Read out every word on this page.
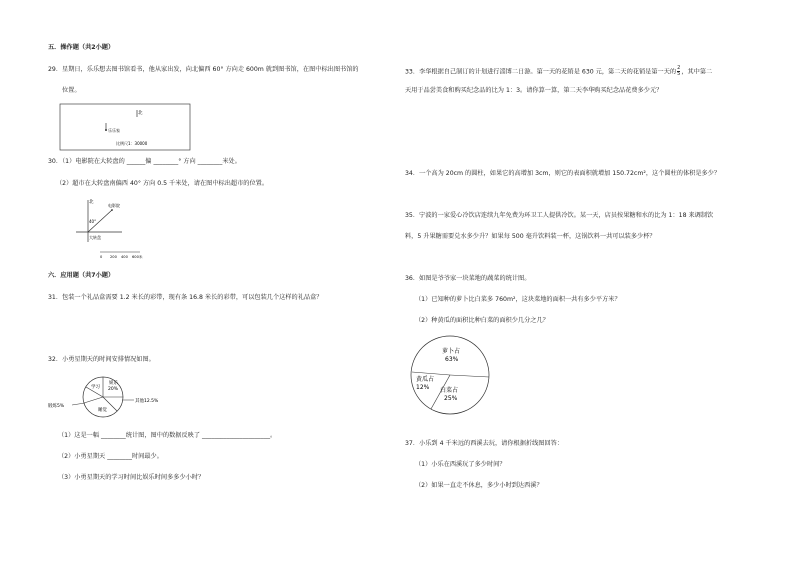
五．操作题（共2小题）
29．星期日，乐乐想去图书馆看书，他从家出发，向北偏西 60° 方向走 600m 就到图书馆，在图中标出图书馆的
位置。
北
乐乐家
比例尺1：30000
30．（1）电影院在大转盘的 ______偏 ________° 方向 ________米处。
（2）超市在大转盘南偏西 40° 方向 0.5 千米处，请在图中标出超市的位置。
北
电影院
40°
大转盘
0 200 400 600米
六．应用题（共7小题）
31．包装一个礼品盒需要 1.2 米长的彩带，现有条 16.8 米长的彩带，可以包装几个这样的礼品盒？
32．小勇星期天的时间安排情况如图。
学习
娱乐
20%
睡觉
其他12.5%
锻炼5%
（1）这是一幅 ________统计图，图中的数据反映了 ______________________。
（2）小勇星期天 ________时间最少。
（3）小勇星期天的学习时间比娱乐时间多多少小时？
33．李华根据自己制订的计划进行淄博二日游。第一天的花销是 630 元，第二天的花销是第一天的 $\frac{2}{5}$ ，其中第二
天用于品尝美食和购买纪念品的比为 1：3。请你算一算，第二天李华购买纪念品花费多少元？
34．一个高为 20cm 的圆柱，如果它的高增加 3cm，则它的表面积就增加 150.72cm²，这个圆柱的体积是多少？
35．宁波的一家爱心冷饮店连续九年免费为环卫工人提供冷饮。某一天，店员按果糖和水的比为 1：18 来调制饮
料，5 升果糖需要兑水多少升？如果每 500 毫升饮料装一杯，这锅饮料一共可以装多少杯？
36．如图是爷爷家一块菜地的蔬菜的统计图。
（1）已知种的萝卜比白菜多 760m²，这块菜地的面积一共有多少平方米？
（2）种黄瓜的面积比种白菜的面积少几分之几？
萝卜占
63%
黄瓜占
12% 白菜占
25%
37．小乐到 4 千米远的西溪去玩，请你根据折线图回答：
（1）小乐在西溪玩了多少时间？
（2）如果一直走不休息，多少小时到达西溪？
